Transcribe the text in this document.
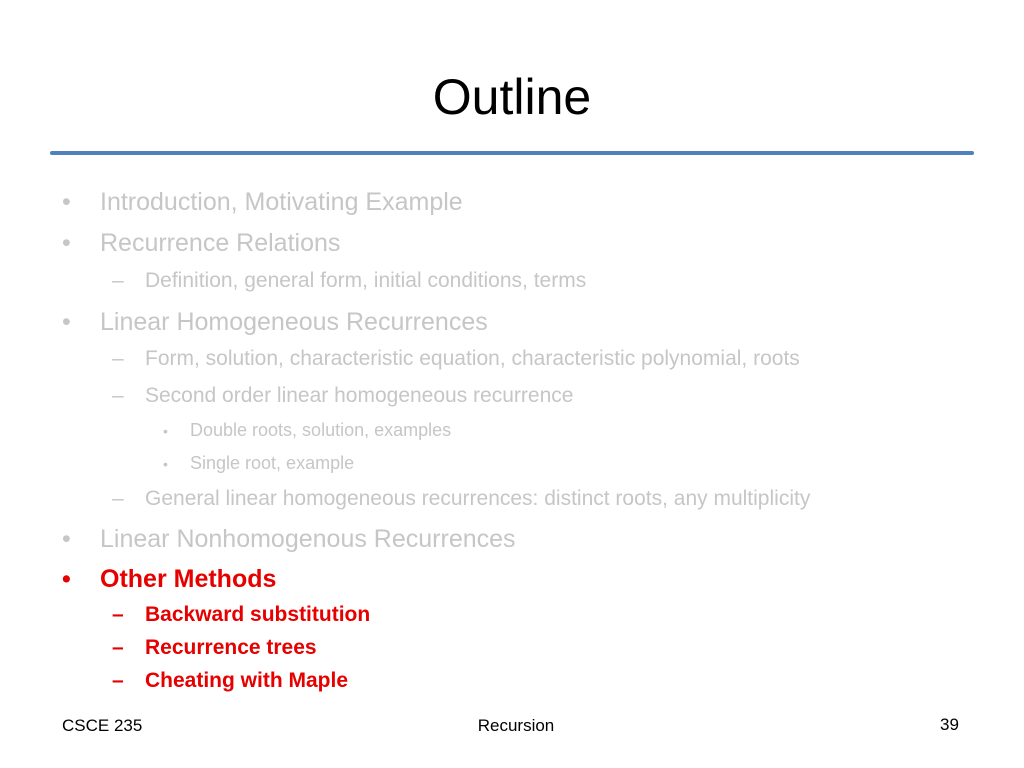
Outline
• Introduction, Motivating Example
• Recurrence Relations
– Definition, general form, initial conditions, terms
• Linear Homogeneous Recurrences
– Form, solution, characteristic equation, characteristic polynomial, roots
– Second order linear homogeneous recurrence
• Double roots, solution, examples
• Single root, example
– General linear homogeneous recurrences: distinct roots, any multiplicity
• Linear Nonhomogenous Recurrences
• Other Methods
– Backward substitution
– Recurrence trees
– Cheating with Maple
CSCE 235	Recursion	39
